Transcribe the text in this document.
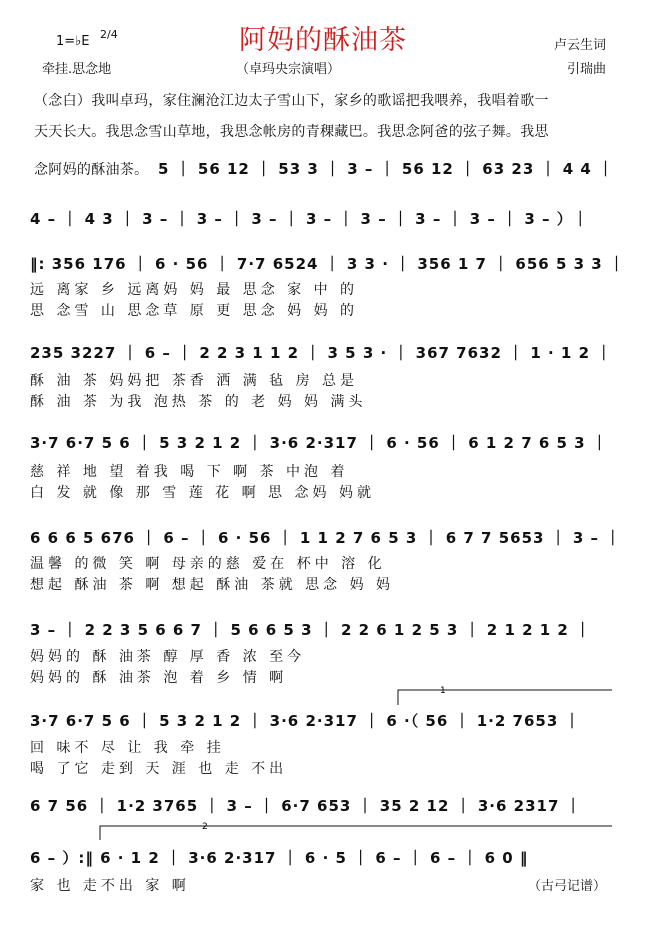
1=♭E 2/4	阿妈的酥油茶	卢云生词
牵挂.思念地	（卓玛央宗演唱）	引瑞曲
（念白）我叫卓玛，家住澜沧江边太子雪山下，家乡的歌谣把我喂养，我唱着歌一
天天长大。我思念雪山草地，我思念帐房的青稞藏巴。我思念阿爸的弦子舞。我思
念阿妈的酥油茶。 5 ｜ 56 12 ｜ 53 3 ｜ 3 – ｜ 56 12 ｜ 63 23 ｜ 4 4 ｜
4 – ｜ 4 3 ｜ 3 – ｜ 3 – ｜ 3 – ｜ 3 – ｜ 3 – ｜ 3 – ｜ 3 – ｜ 3 – ）｜
‖: 356 176 ｜ 6 · 56 ｜ 7·7 6524 ｜ 3 3 · ｜ 356 1 7 ｜ 656 5 3 3 ｜
远 离家 乡 远离妈 妈 最 思念 家 中 的
思 念雪 山 思念草 原 更 思念 妈 妈 的
235 3227 ｜ 6 – ｜ 2 2 3 1 1 2 ｜ 3 5 3 · ｜ 367 7632 ｜ 1 · 1 2 ｜
酥 油 茶 妈妈把 茶香 洒 满 毡 房 总是
酥 油 茶 为我 泡热 茶 的 老 妈 妈 满头
3·7 6·7 5 6 ｜ 5 3 2 1 2 ｜ 3·6 2·317 ｜ 6 · 56 ｜ 6 1 2 7 6 5 3 ｜
慈 祥 地 望 着我 喝 下 啊 茶 中泡 着
白 发 就 像 那 雪 莲 花 啊 思 念妈 妈就
6 6 6 5 676 ｜ 6 – ｜ 6 · 56 ｜ 1 1 2 7 6 5 3 ｜ 6 7 7 5653 ｜ 3 – ｜
温馨 的微 笑 啊 母亲的慈 爱在 杯中 溶 化
想起 酥油 茶 啊 想起 酥油 茶就 思念 妈 妈
3 – ｜ 2 2 3 5 6 6 7 ｜ 5 6 6 5 3 ｜ 2 2 6 1 2 5 3 ｜ 2 1 2 1 2 ｜
妈妈的 酥 油茶 醇 厚 香 浓 至今
妈妈的 酥 油茶 泡 着 乡 情 啊
3·7 6·7 5 6 ｜ 5 3 2 1 2 ｜ 3·6 2·317 ｜ 6 ·（ 56 ｜ 1·2 7653 ｜
回 味不 尽 让 我 牵 挂
喝 了它 走到 天 涯 也 走 不出
6 7 56 ｜ 1·2 3765 ｜ 3 – ｜ 6·7 653 ｜ 35 2 12 ｜ 3·6 2317 ｜
6 – ）:‖ 6 · 1 2 ｜ 3·6 2·317 ｜ 6 · 5 ｜ 6 – ｜ 6 – ｜ 6 0 ‖
家 也 走不出 家 啊	（古弓记谱）
1
2
